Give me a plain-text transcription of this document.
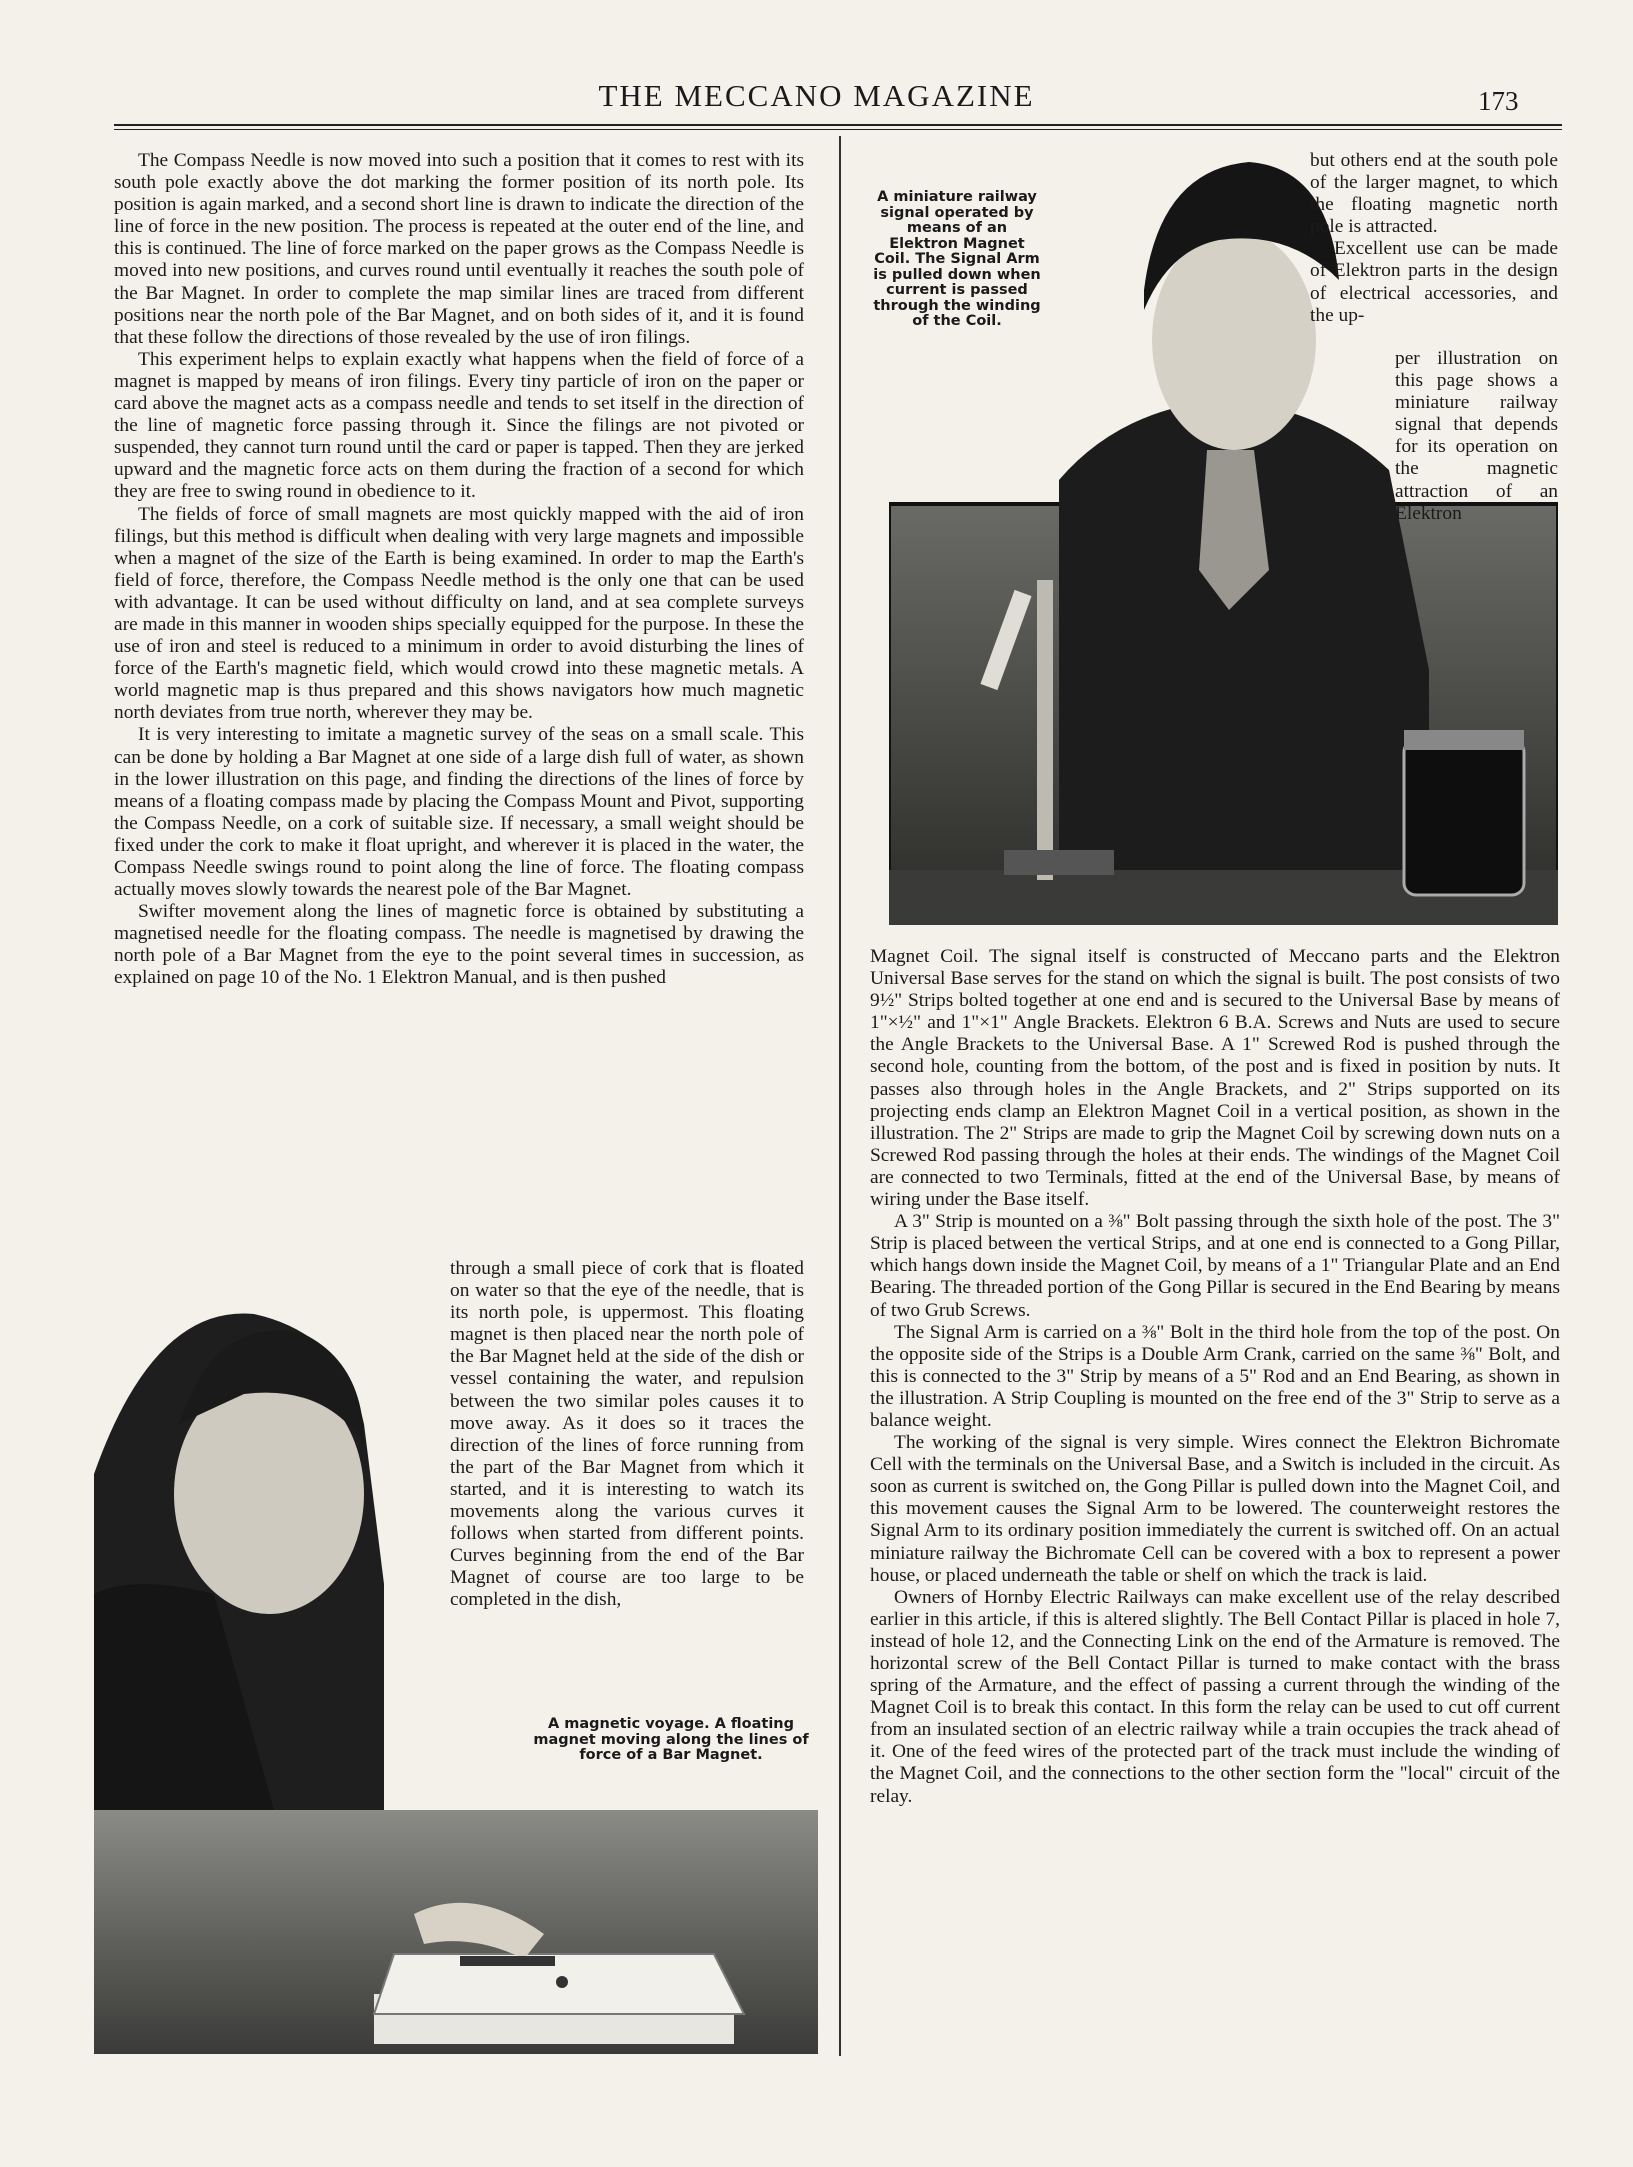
THE MECCANO MAGAZINE	173

The Compass Needle is now moved into such a position that it comes to rest with its south pole exactly above the dot marking the former position of its north pole. Its position is again marked, and a second short line is drawn to indicate the direction of the line of force in the new position. The process is repeated at the outer end of the line, and this is continued. The line of force marked on the paper grows as the Compass Needle is moved into new positions, and curves round until eventually it reaches the south pole of the Bar Magnet. In order to complete the map similar lines are traced from different positions near the north pole of the Bar Magnet, and on both sides of it, and it is found that these follow the directions of those revealed by the use of iron filings.

This experiment helps to explain exactly what happens when the field of force of a magnet is mapped by means of iron filings. Every tiny particle of iron on the paper or card above the magnet acts as a compass needle and tends to set itself in the direction of the line of magnetic force passing through it. Since the filings are not pivoted or suspended, they cannot turn round until the card or paper is tapped. Then they are jerked upward and the magnetic force acts on them during the fraction of a second for which they are free to swing round in obedience to it.

The fields of force of small magnets are most quickly mapped with the aid of iron filings, but this method is difficult when dealing with very large magnets and impossible when a magnet of the size of the Earth is being examined. In order to map the Earth's field of force, therefore, the Compass Needle method is the only one that can be used with advantage. It can be used without difficulty on land, and at sea complete surveys are made in this manner in wooden ships specially equipped for the purpose. In these the use of iron and steel is reduced to a minimum in order to avoid disturbing the lines of force of the Earth's magnetic field, which would crowd into these magnetic metals. A world magnetic map is thus prepared and this shows navigators how much magnetic north deviates from true north, wherever they may be.

It is very interesting to imitate a magnetic survey of the seas on a small scale. This can be done by holding a Bar Magnet at one side of a large dish full of water, as shown in the lower illustration on this page, and finding the directions of the lines of force by means of a floating compass made by placing the Compass Mount and Pivot, supporting the Compass Needle, on a cork of suitable size. If necessary, a small weight should be fixed under the cork to make it float upright, and wherever it is placed in the water, the Compass Needle swings round to point along the line of force. The floating compass actually moves slowly towards the nearest pole of the Bar Magnet.

Swifter movement along the lines of magnetic force is obtained by substituting a magnetised needle for the floating compass. The needle is magnetised by drawing the north pole of a Bar Magnet from the eye to the point several times in succession, as explained on page 10 of the No. 1 Elektron Manual, and is then pushed

through a small piece of cork that is floated on water so that the eye of the needle, that is its north pole, is uppermost. This floating magnet is then placed near the north pole of the Bar Magnet held at the side of the dish or vessel containing the water, and repulsion between the two similar poles causes it to move away. As it does so it traces the direction of the lines of force running from the part of the Bar Magnet from which it started, and it is interesting to watch its movements along the various curves it follows when started from different points. Curves beginning from the end of the Bar Magnet of course are too large to be completed in the dish,

A magnetic voyage. A floating magnet moving along the lines of force of a Bar Magnet.
A miniature railway signal operated by means of an Elektron Magnet Coil. The Signal Arm is pulled down when current is passed through the winding of the Coil.

but others end at the south pole of the larger magnet, to which the floating magnetic north pole is attracted.

Excellent use can be made of Elektron parts in the design of electrical accessories, and the up-

per illustration on this page shows a miniature railway signal that depends for its operation on the magnetic attraction of an Elektron

Magnet Coil. The signal itself is constructed of Meccano parts and the Elektron Universal Base serves for the stand on which the signal is built. The post consists of two 9½" Strips bolted together at one end and is secured to the Universal Base by means of 1"×½" and 1"×1" Angle Brackets. Elektron 6 B.A. Screws and Nuts are used to secure the Angle Brackets to the Universal Base. A 1" Screwed Rod is pushed through the second hole, counting from the bottom, of the post and is fixed in position by nuts. It passes also through holes in the Angle Brackets, and 2" Strips supported on its projecting ends clamp an Elektron Magnet Coil in a vertical position, as shown in the illustration. The 2" Strips are made to grip the Magnet Coil by screwing down nuts on a Screwed Rod passing through the holes at their ends. The windings of the Magnet Coil are connected to two Terminals, fitted at the end of the Universal Base, by means of wiring under the Base itself.

A 3" Strip is mounted on a ⅜" Bolt passing through the sixth hole of the post. The 3" Strip is placed between the vertical Strips, and at one end is connected to a Gong Pillar, which hangs down inside the Magnet Coil, by means of a 1" Triangular Plate and an End Bearing. The threaded portion of the Gong Pillar is secured in the End Bearing by means of two Grub Screws.

The Signal Arm is carried on a ⅜" Bolt in the third hole from the top of the post. On the opposite side of the Strips is a Double Arm Crank, carried on the same ⅜" Bolt, and this is connected to the 3" Strip by means of a 5" Rod and an End Bearing, as shown in the illustration. A Strip Coupling is mounted on the free end of the 3" Strip to serve as a balance weight.

The working of the signal is very simple. Wires connect the Elektron Bichromate Cell with the terminals on the Universal Base, and a Switch is included in the circuit. As soon as current is switched on, the Gong Pillar is pulled down into the Magnet Coil, and this movement causes the Signal Arm to be lowered. The counterweight restores the Signal Arm to its ordinary position immediately the current is switched off. On an actual miniature railway the Bichromate Cell can be covered with a box to represent a power house, or placed underneath the table or shelf on which the track is laid.

Owners of Hornby Electric Railways can make excellent use of the relay described earlier in this article, if this is altered slightly. The Bell Contact Pillar is placed in hole 7, instead of hole 12, and the Connecting Link on the end of the Armature is removed. The horizontal screw of the Bell Contact Pillar is turned to make contact with the brass spring of the Armature, and the effect of passing a current through the winding of the Magnet Coil is to break this contact. In this form the relay can be used to cut off current from an insulated section of an electric railway while a train occupies the track ahead of it. One of the feed wires of the protected part of the track must include the winding of the Magnet Coil, and the connections to the other section form the "local" circuit of the relay.
